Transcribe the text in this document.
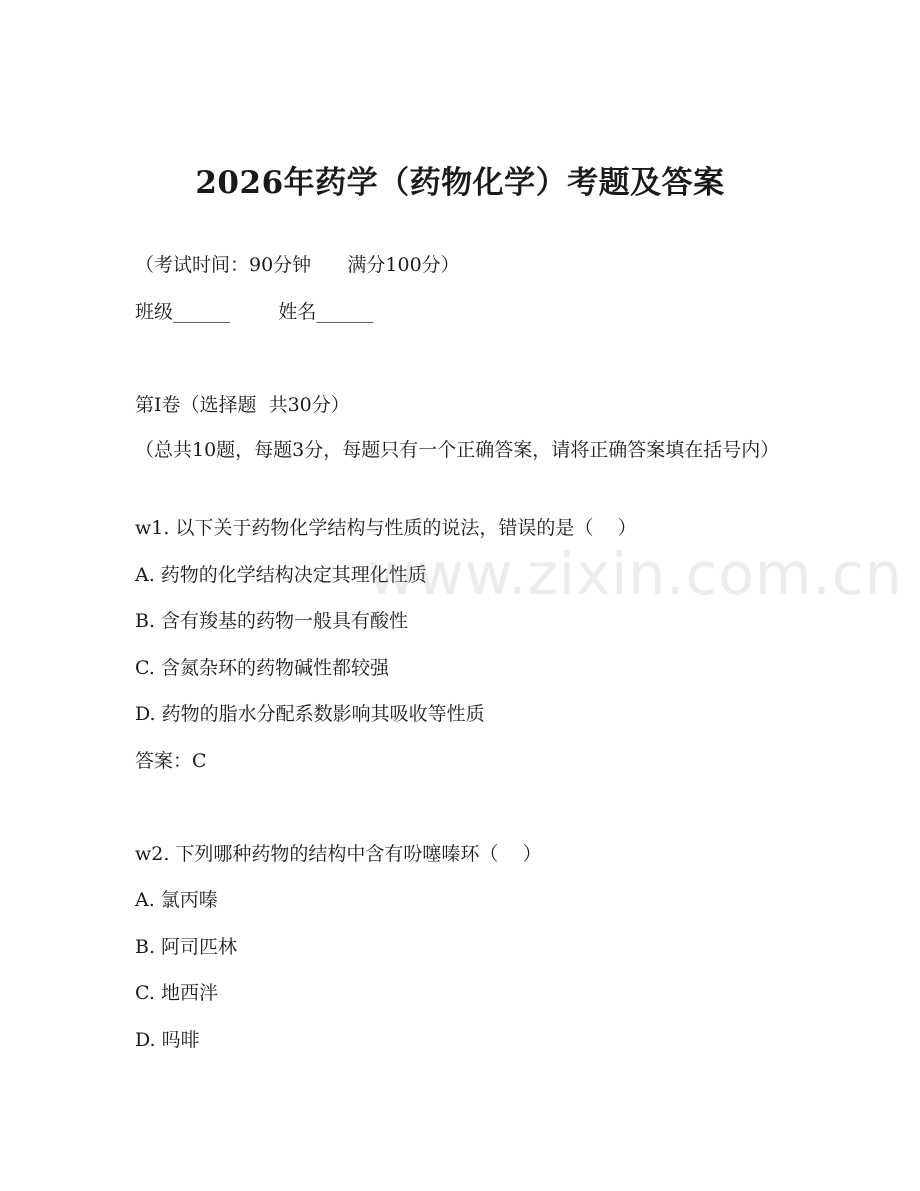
2026年药学（药物化学）考题及答案
（考试时间：90分钟      满分100分）
班级______        姓名______
第I卷（选择题  共30分）
（总共10题，每题3分，每题只有一个正确答案，请将正确答案填在括号内）
w1. 以下关于药物化学结构与性质的说法，错误的是（    ）
A. 药物的化学结构决定其理化性质
B. 含有羧基的药物一般具有酸性
C. 含氮杂环的药物碱性都较强
D. 药物的脂水分配系数影响其吸收等性质
答案：C
w2. 下列哪种药物的结构中含有吩噻嗪环（    ）
A. 氯丙嗪
B. 阿司匹林
C. 地西泮
D. 吗啡
www.zixin.com.cn
